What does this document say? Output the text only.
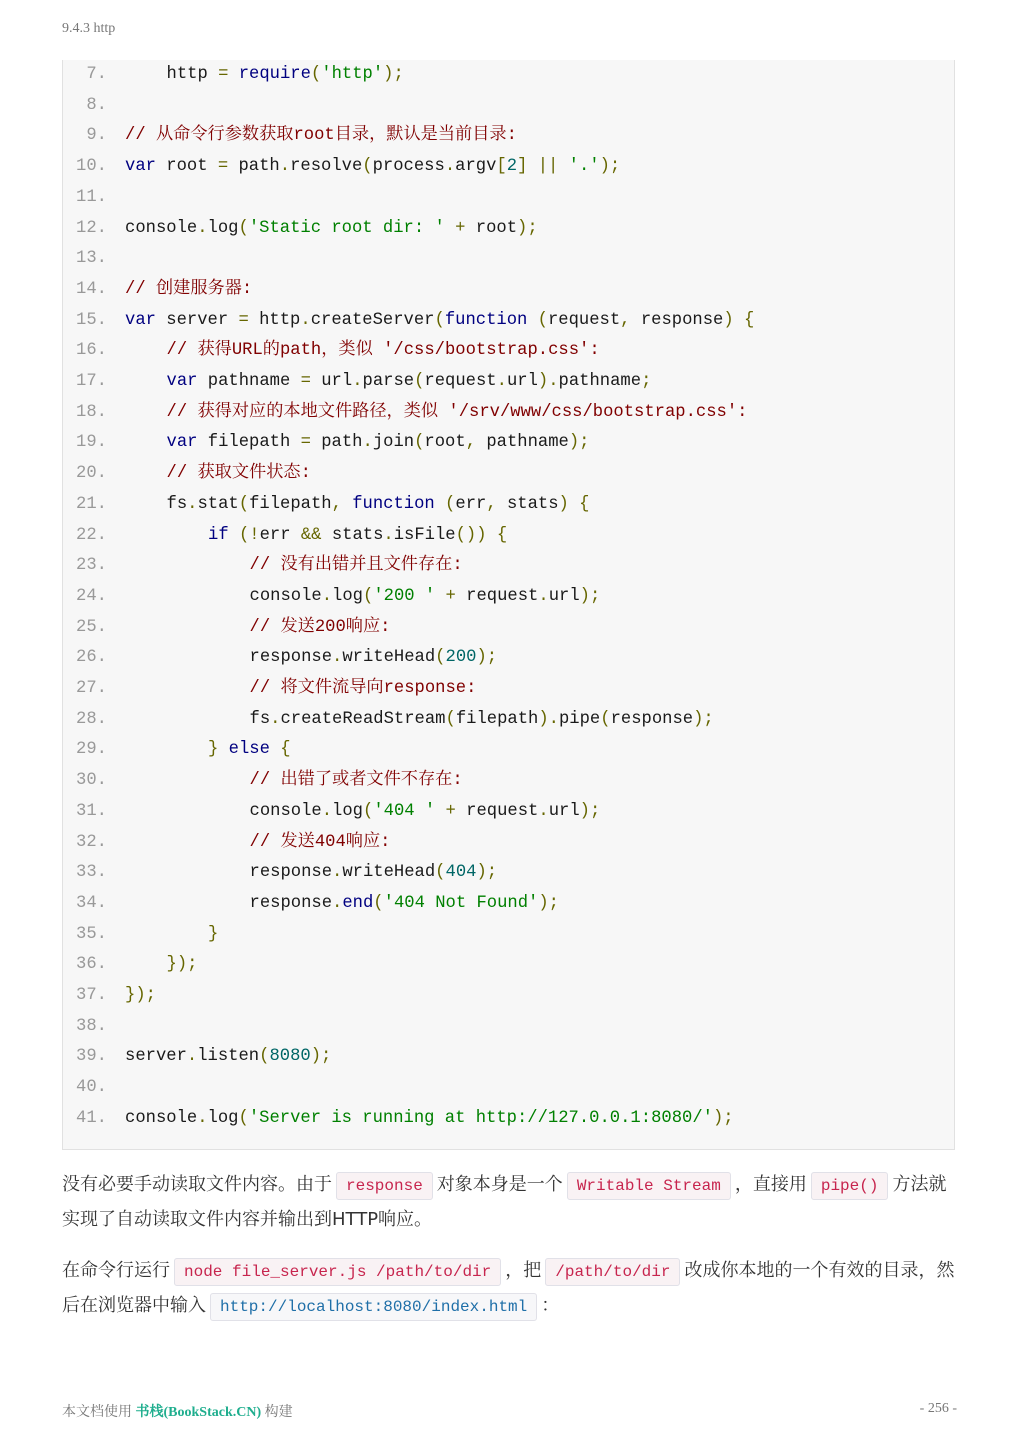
9.4.3 http
7.	http = require('http');
8.
9. // 从命令行参数获取root目录，默认是当前目录:
10. var root = path.resolve(process.argv[2] || '.');
11.
12. console.log('Static root dir: ' + root);
13.
14. // 创建服务器:
15. var server = http.createServer(function (request, response) {
16.	// 获得URL的path，类似 '/css/bootstrap.css':
17.	var pathname = url.parse(request.url).pathname;
18.	// 获得对应的本地文件路径，类似 '/srv/www/css/bootstrap.css':
19.	var filepath = path.join(root, pathname);
20.	// 获取文件状态:
21.	fs.stat(filepath, function (err, stats) {
22.	if (!err && stats.isFile()) {
23.	// 没有出错并且文件存在:
24.	console.log('200 ' + request.url);
25.	// 发送200响应:
26.	response.writeHead(200);
27.	// 将文件流导向response:
28.	fs.createReadStream(filepath).pipe(response);
29.	} else {
30.	// 出错了或者文件不存在:
31.	console.log('404 ' + request.url);
32.	// 发送404响应:
33.	response.writeHead(404);
34.	response.end('404 Not Found');
35.	}
36.	});
37. });
38.
39. server.listen(8080);
40.
41. console.log('Server is running at http://127.0.0.1:8080/');
没有必要手动读取文件内容。由于 response 对象本身是一个 Writable Stream ，直接用 pipe() 方法就实现了自动读取文件内容并输出到HTTP响应。
在命令行运行 node file_server.js /path/to/dir ，把 /path/to/dir 改成你本地的一个有效的目录，然后在浏览器中输入 http://localhost:8080/index.html ：
本文档使用 书栈(BookStack.CN) 构建	- 256 -
